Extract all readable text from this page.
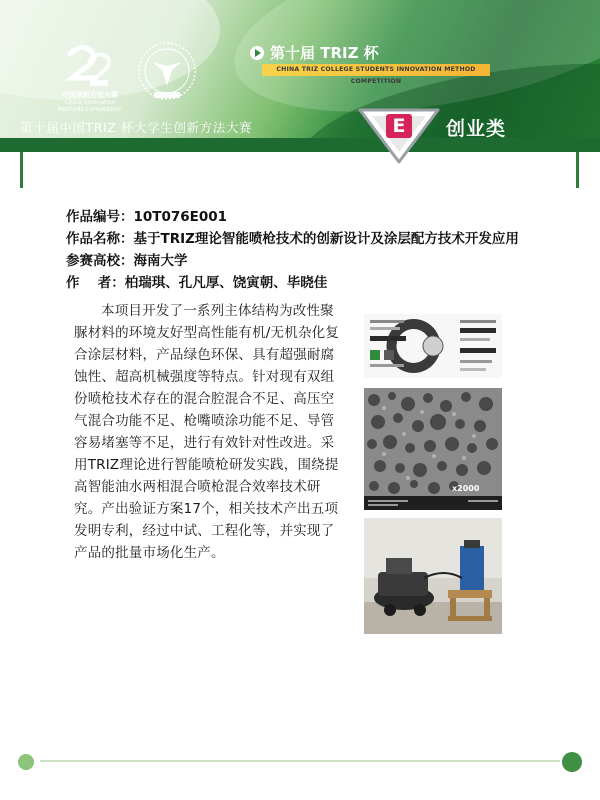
中国创新方法大赛
China Innovation
Methods Competition
第十届 TRIZ 杯
CHINA TRIZ COLLEGE STUDENTS INNOVATION METHOD COMPETITION
第十届中国TRIZ 杯大学生创新方法大赛	E	创业类
作品编号：10T076E001
作品名称：基于TRIZ理论智能喷枪技术的创新设计及涂层配方技术开发应用
参赛高校：海南大学
作　 者：柏瑞琪、孔凡厚、饶寅朝、毕晓佳
本项目开发了一系列主体结构为改性聚脲材料的环境友好型高性能有机/无机杂化复合涂层材料，产品绿色环保、具有超强耐腐蚀性、超高机械强度等特点。针对现有双组份喷枪技术存在的混合腔混合不足、高压空气混合功能不足、枪嘴喷涂功能不足、导管容易堵塞等不足，进行有效针对性改进。采用TRIZ理论进行智能喷枪研发实践，围绕提高智能油水两相混合喷枪混合效率技术研究。产出验证方案17个，相关技术产出五项发明专利，经过中试、工程化等，并实现了产品的批量市场化生产。
x2000
